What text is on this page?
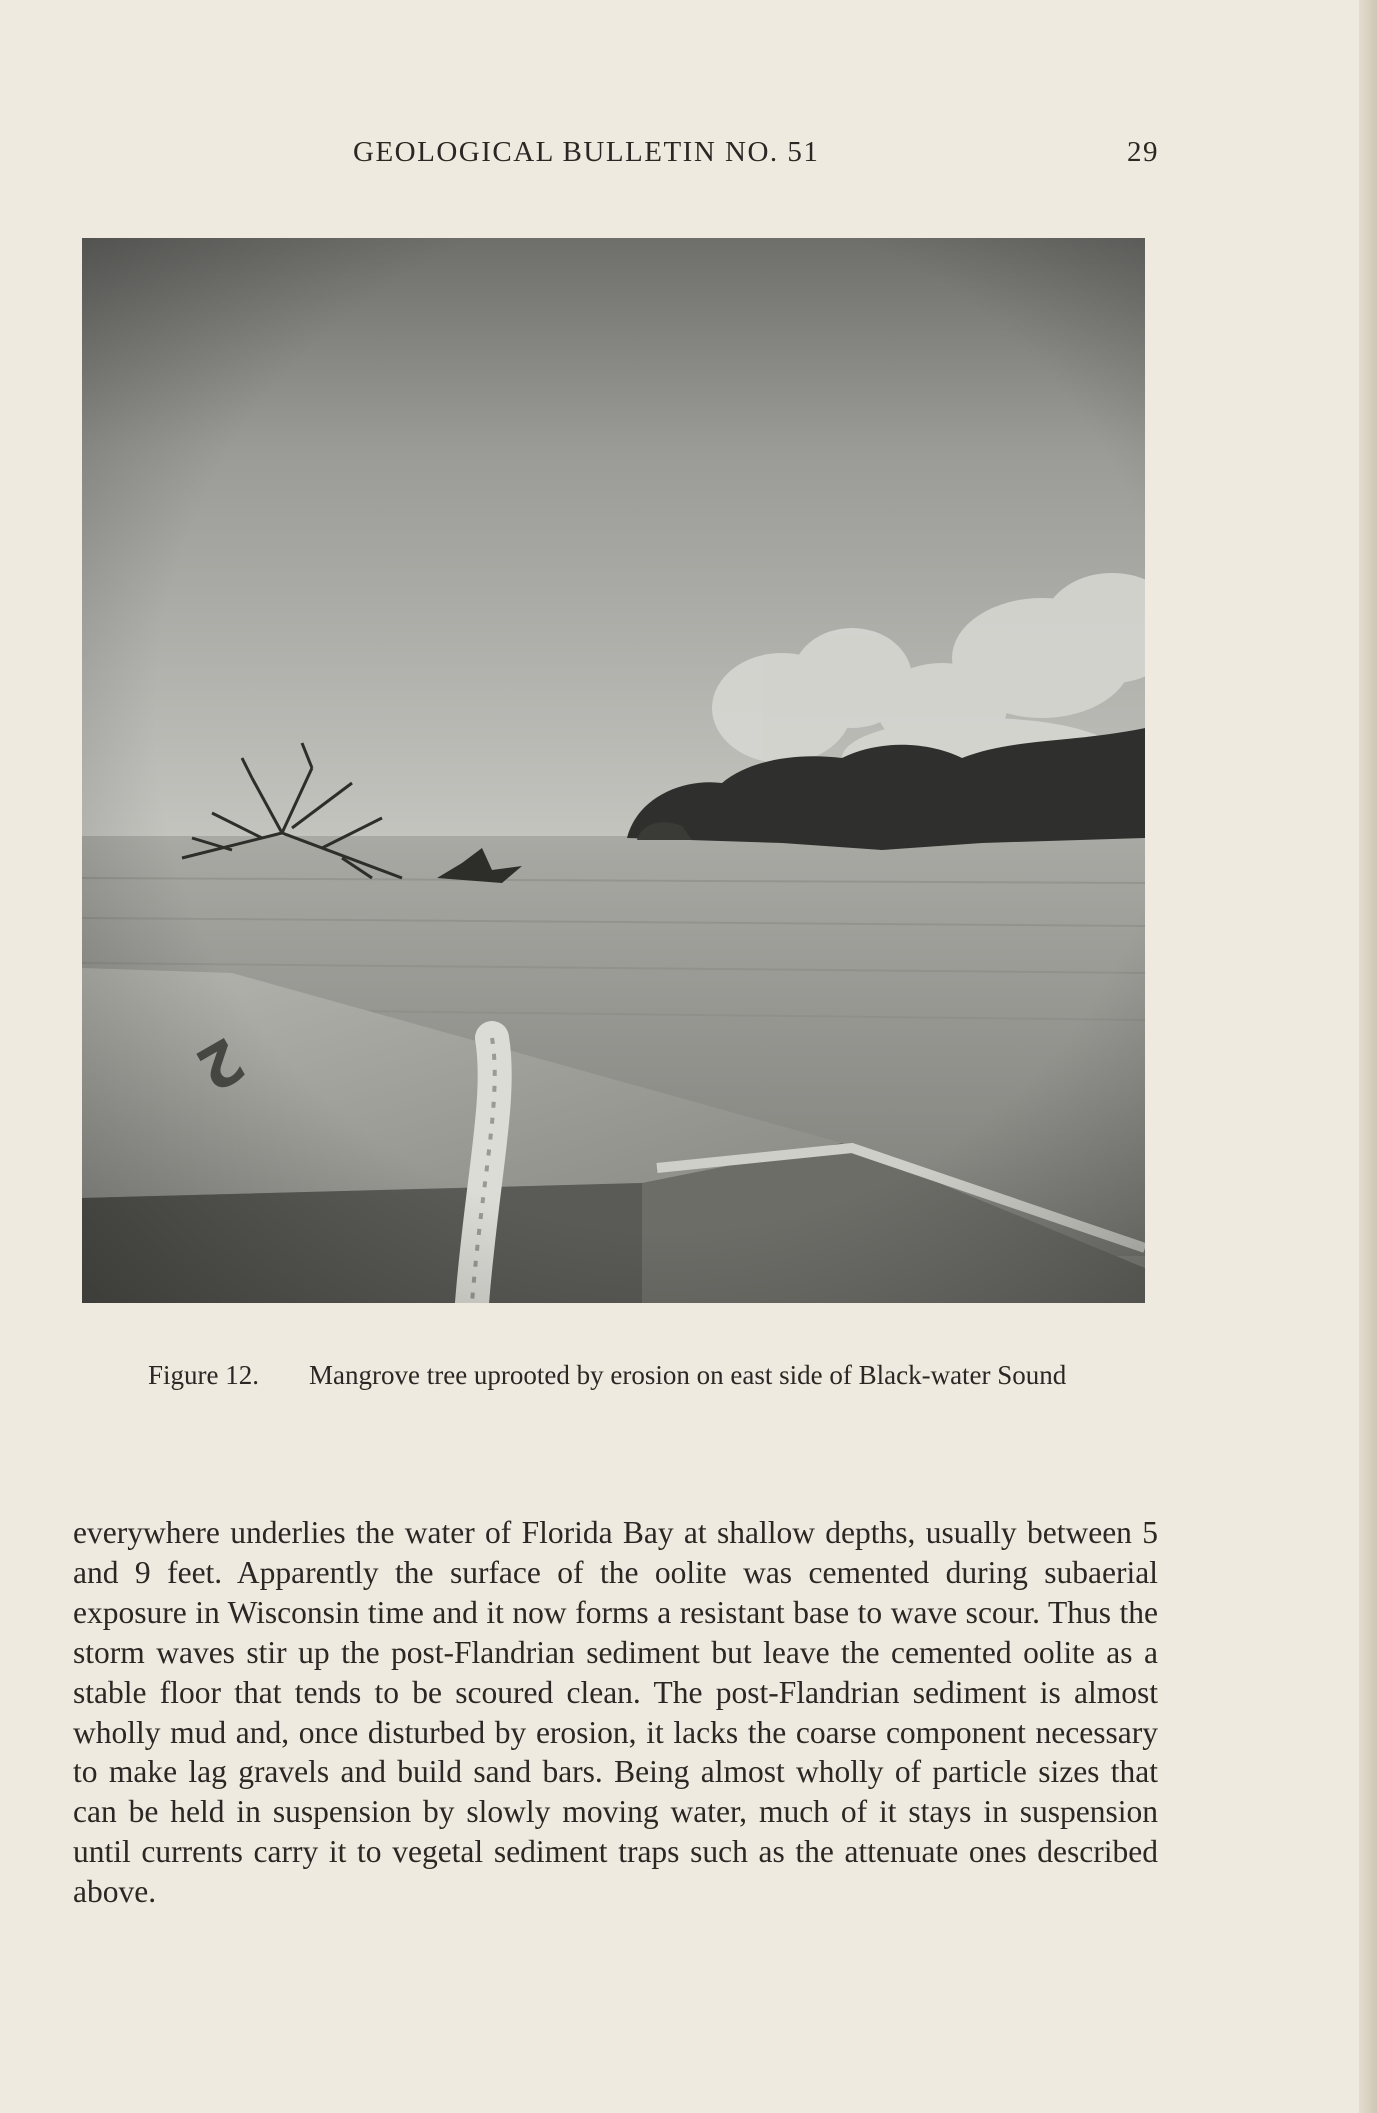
GEOLOGICAL BULLETIN NO. 51	29
Figure 12. Mangrove tree uprooted by erosion on east side of Black-water Sound
everywhere underlies the water of Florida Bay at shallow depths, usually between 5 and 9 feet. Apparently the surface of the oolite was cemented during subaerial exposure in Wisconsin time and it now forms a resistant base to wave scour. Thus the storm waves stir up the post-Flandrian sediment but leave the cemented oolite as a stable floor that tends to be scoured clean. The post-Flandrian sediment is almost wholly mud and, once disturbed by erosion, it lacks the coarse component necessary to make lag gravels and build sand bars. Being almost wholly of particle sizes that can be held in suspension by slowly moving water, much of it stays in suspension until currents carry it to vegetal sediment traps such as the attenuate ones described above.
